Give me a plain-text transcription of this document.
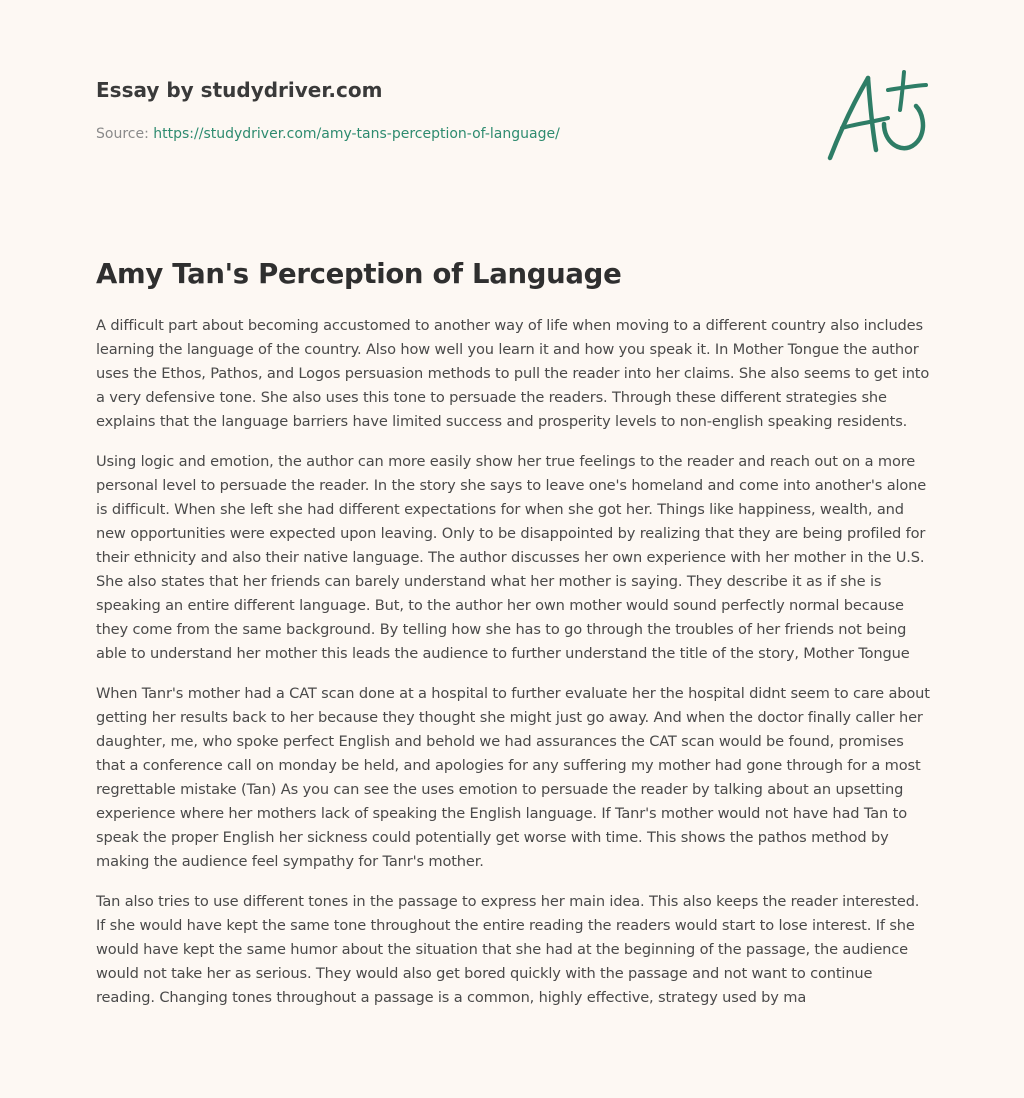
Essay by studydriver.com
Source: https://studydriver.com/amy-tans-perception-of-language/
Amy Tan's Perception of Language

A difficult part about becoming accustomed to another way of life when moving to a different country also includes learning the language of the country. Also how well you learn it and how you speak it. In Mother Tongue the author uses the Ethos, Pathos, and Logos persuasion methods to pull the reader into her claims. She also seems to get into a very defensive tone. She also uses this tone to persuade the readers. Through these different strategies she explains that the language barriers have limited success and prosperity levels to non-english speaking residents.

Using logic and emotion, the author can more easily show her true feelings to the reader and reach out on a more personal level to persuade the reader. In the story she says to leave one's homeland and come into another's alone is difficult. When she left she had different expectations for when she got her. Things like happiness, wealth, and new opportunities were expected upon leaving. Only to be disappointed by realizing that they are being profiled for their ethnicity and also their native language. The author discusses her own experience with her mother in the U.S. She also states that her friends can barely understand what her mother is saying. They describe it as if she is speaking an entire different language. But, to the author her own mother would sound perfectly normal because they come from the same background. By telling how she has to go through the troubles of her friends not being able to understand her mother this leads the audience to further understand the title of the story, Mother Tongue

When Tanr's mother had a CAT scan done at a hospital to further evaluate her the hospital didnt seem to care about getting her results back to her because they thought she might just go away. And when the doctor finally caller her daughter, me, who spoke perfect English and behold we had assurances the CAT scan would be found, promises that a conference call on monday be held, and apologies for any suffering my mother had gone through for a most regrettable mistake (Tan) As you can see the uses emotion to persuade the reader by talking about an upsetting experience where her mothers lack of speaking the English language. If Tanr's mother would not have had Tan to speak the proper English her sickness could potentially get worse with time. This shows the pathos method by making the audience feel sympathy for Tanr's mother.

Tan also tries to use different tones in the passage to express her main idea. This also keeps the reader interested. If she would have kept the same tone throughout the entire reading the readers would start to lose interest. If she would have kept the same humor about the situation that she had at the beginning of the passage, the audience would not take her as serious. They would also get bored quickly with the passage and not want to continue reading. Changing tones throughout a passage is a common, highly effective, strategy used by ma
